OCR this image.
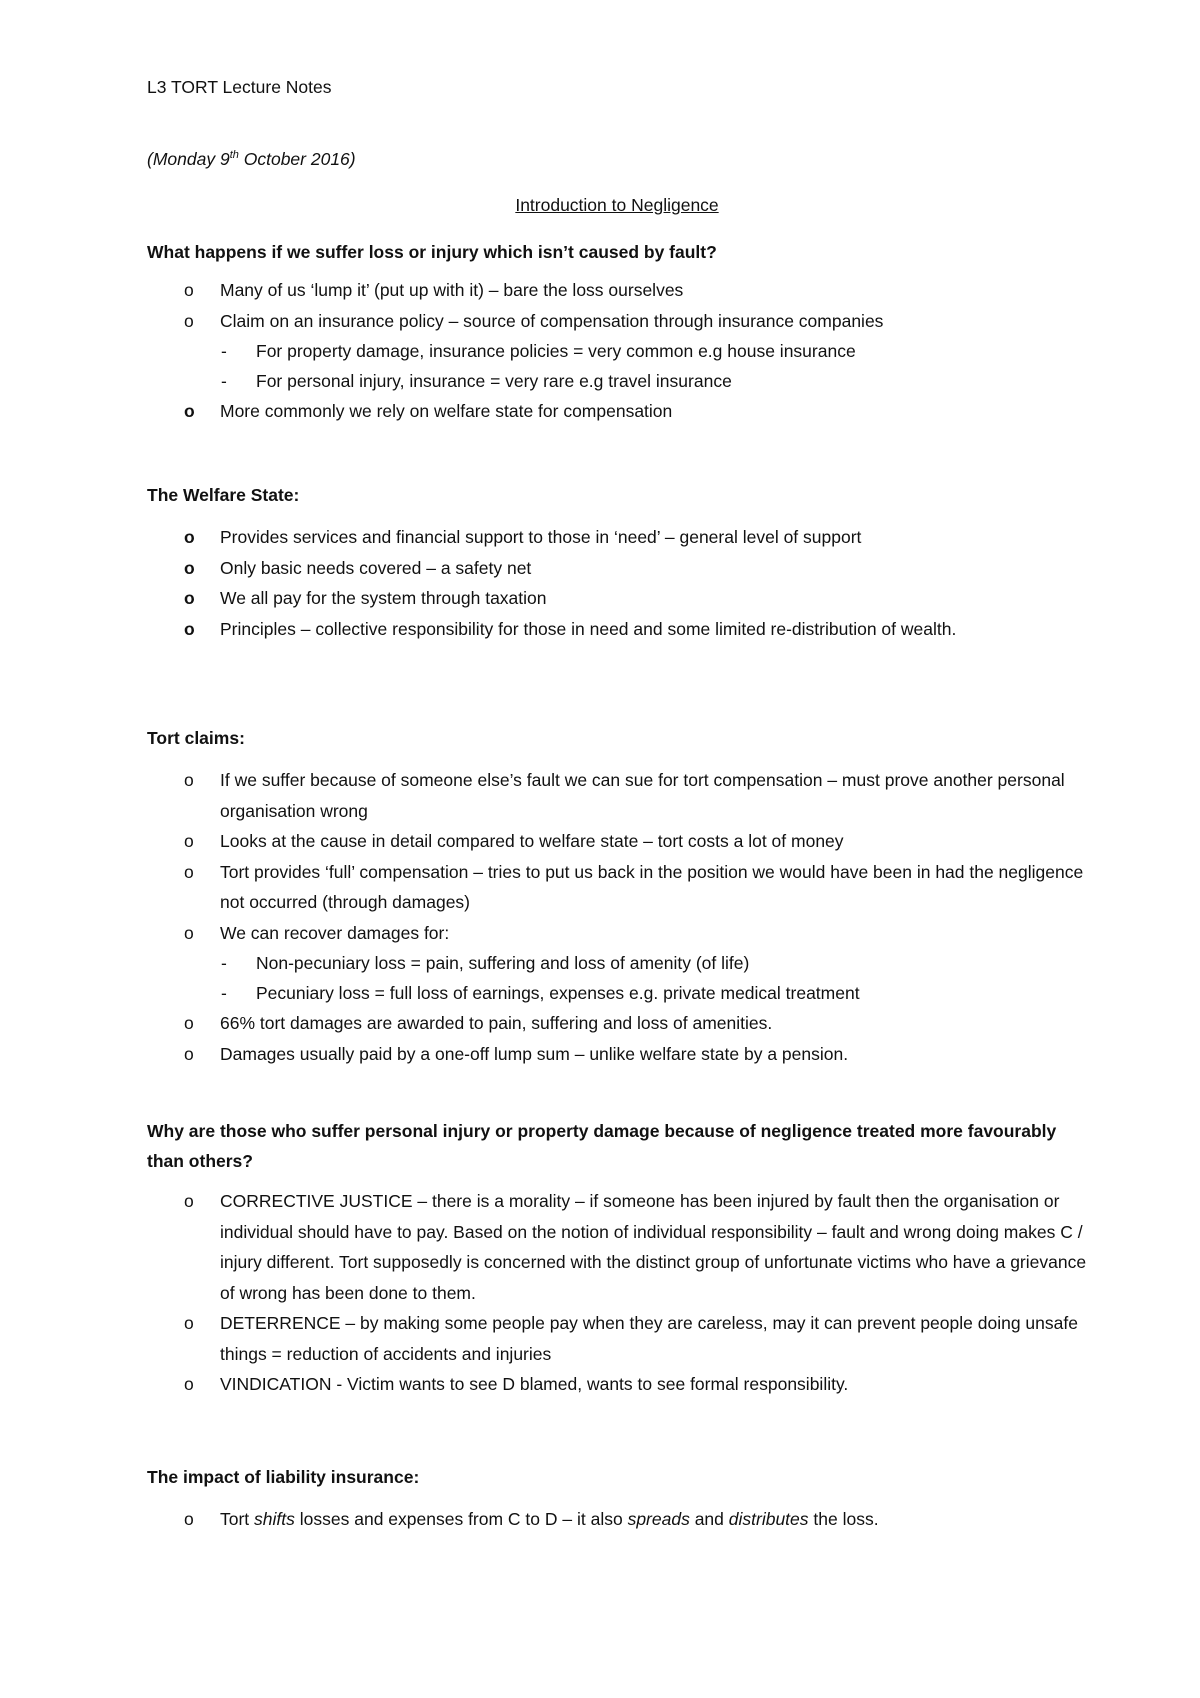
L3 TORT Lecture Notes

(Monday 9th October 2016)

Introduction to Negligence

What happens if we suffer loss or injury which isn’t caused by fault?

o	Many of us ‘lump it’ (put up with it) – bare the loss ourselves
o	Claim on an insurance policy – source of compensation through insurance companies
- For property damage, insurance policies = very common e.g house insurance
- For personal injury, insurance = very rare e.g travel insurance
o	More commonly we rely on welfare state for compensation

The Welfare State:

o	Provides services and financial support to those in ‘need’ – general level of support
o	Only basic needs covered – a safety net
o	We all pay for the system through taxation
o	Principles – collective responsibility for those in need and some limited re-distribution of wealth.

Tort claims:

o	If we suffer because of someone else’s fault we can sue for tort compensation – must prove another personal organisation wrong
o	Looks at the cause in detail compared to welfare state – tort costs a lot of money
o	Tort provides ‘full’ compensation – tries to put us back in the position we would have been in had the negligence not occurred (through damages)
o	We can recover damages for:
- Non-pecuniary loss = pain, suffering and loss of amenity (of life)
- Pecuniary loss = full loss of earnings, expenses e.g. private medical treatment
o	66% tort damages are awarded to pain, suffering and loss of amenities.
o	Damages usually paid by a one-off lump sum – unlike welfare state by a pension.

Why are those who suffer personal injury or property damage because of negligence treated more favourably than others?

o	CORRECTIVE JUSTICE – there is a morality – if someone has been injured by fault then the organisation or individual should have to pay. Based on the notion of individual responsibility – fault and wrong doing makes C / injury different. Tort supposedly is concerned with the distinct group of unfortunate victims who have a grievance of wrong has been done to them.
o	DETERRENCE – by making some people pay when they are careless, may it can prevent people doing unsafe things = reduction of accidents and injuries
o	VINDICATION - Victim wants to see D blamed, wants to see formal responsibility.

The impact of liability insurance:

o	Tort shifts losses and expenses from C to D – it also spreads and distributes the loss.
